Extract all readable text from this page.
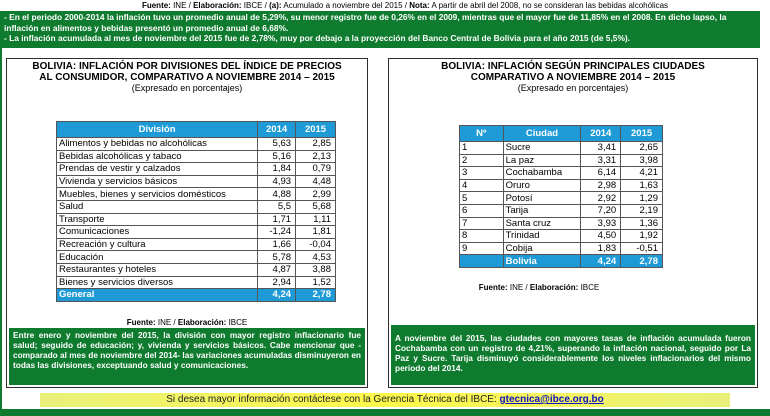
Fuente: INE / Elaboración: IBCE / (a): Acumulado a noviembre del 2015 / Nota: A partir de abril del 2008, no se consideran las bebidas alcohólicas
- En el periodo 2000-2014 la inflación tuvo un promedio anual de 5,29%, su menor registro fue de 0,26% en el 2009, mientras que el mayor fue de 11,85% en el 2008. En dicho lapso, la inflación en alimentos y bebidas presentó un promedio anual de 6,68%.
- La inflación acumulada al mes de noviembre del 2015 fue de 2,78%, muy por debajo a la proyección del Banco Central de Bolivia para el año 2015 (de 5,5%).
BOLIVIA: INFLACIÓN POR DIVISIONES DEL ÍNDICE DE PRECIOS
AL CONSUMIDOR, COMPARATIVO A NOVIEMBRE 2014 – 2015
(Expresado en porcentajes)
División	2014	2015
Alimentos y bebidas no alcohólicas	5,63	2,85
Bebidas alcohólicas y tabaco	5,16	2,13
Prendas de vestir y calzados	1,84	0,79
Vivienda y servicios básicos	4,93	4,48
Muebles, bienes y servicios domésticos	4,88	2,99
Salud	5,5	5,68
Transporte	1,71	1,11
Comunicaciones	-1,24	1,81
Recreación y cultura	1,66	-0,04
Educación	5,78	4,53
Restaurantes y hoteles	4,87	3,88
Bienes y servicios diversos	2,94	1,52
General	4,24	2,78
Fuente: INE / Elaboración: IBCE
Entre enero y noviembre del 2015, la división con mayor registro inflacionario fue salud; seguido de educación; y, vivienda y servicios básicos. Cabe mencionar que -comparado al mes de noviembre del 2014- las variaciones acumuladas disminuyeron en todas las divisiones, exceptuando salud y comunicaciones.
BOLIVIA: INFLACIÓN SEGÚN PRINCIPALES CIUDADES
COMPARATIVO A NOVIEMBRE 2014 – 2015
(Expresado en porcentajes)
Nº	Ciudad	2014	2015
1	Sucre	3,41	2,65
2	La paz	3,31	3,98
3	Cochabamba	6,14	4,21
4	Oruro	2,98	1,63
5	Potosí	2,92	1,29
6	Tarija	7,20	2,19
7	Santa cruz	3,93	1,36
8	Trinidad	4,50	1,92
9	Cobija	1,83	-0,51
	Bolivia	4,24	2,78
Fuente: INE / Elaboración: IBCE
A noviembre del 2015, las ciudades con mayores tasas de inflación acumulada fueron Cochabamba con un registro de 4,21%, superando la inflación nacional, seguido por La Paz y Sucre. Tarija disminuyó considerablemente los niveles inflacionarios del mismo periodo del 2014.
Si desea mayor información contáctese con la Gerencia Técnica del IBCE: gtecnica@ibce.org.bo
